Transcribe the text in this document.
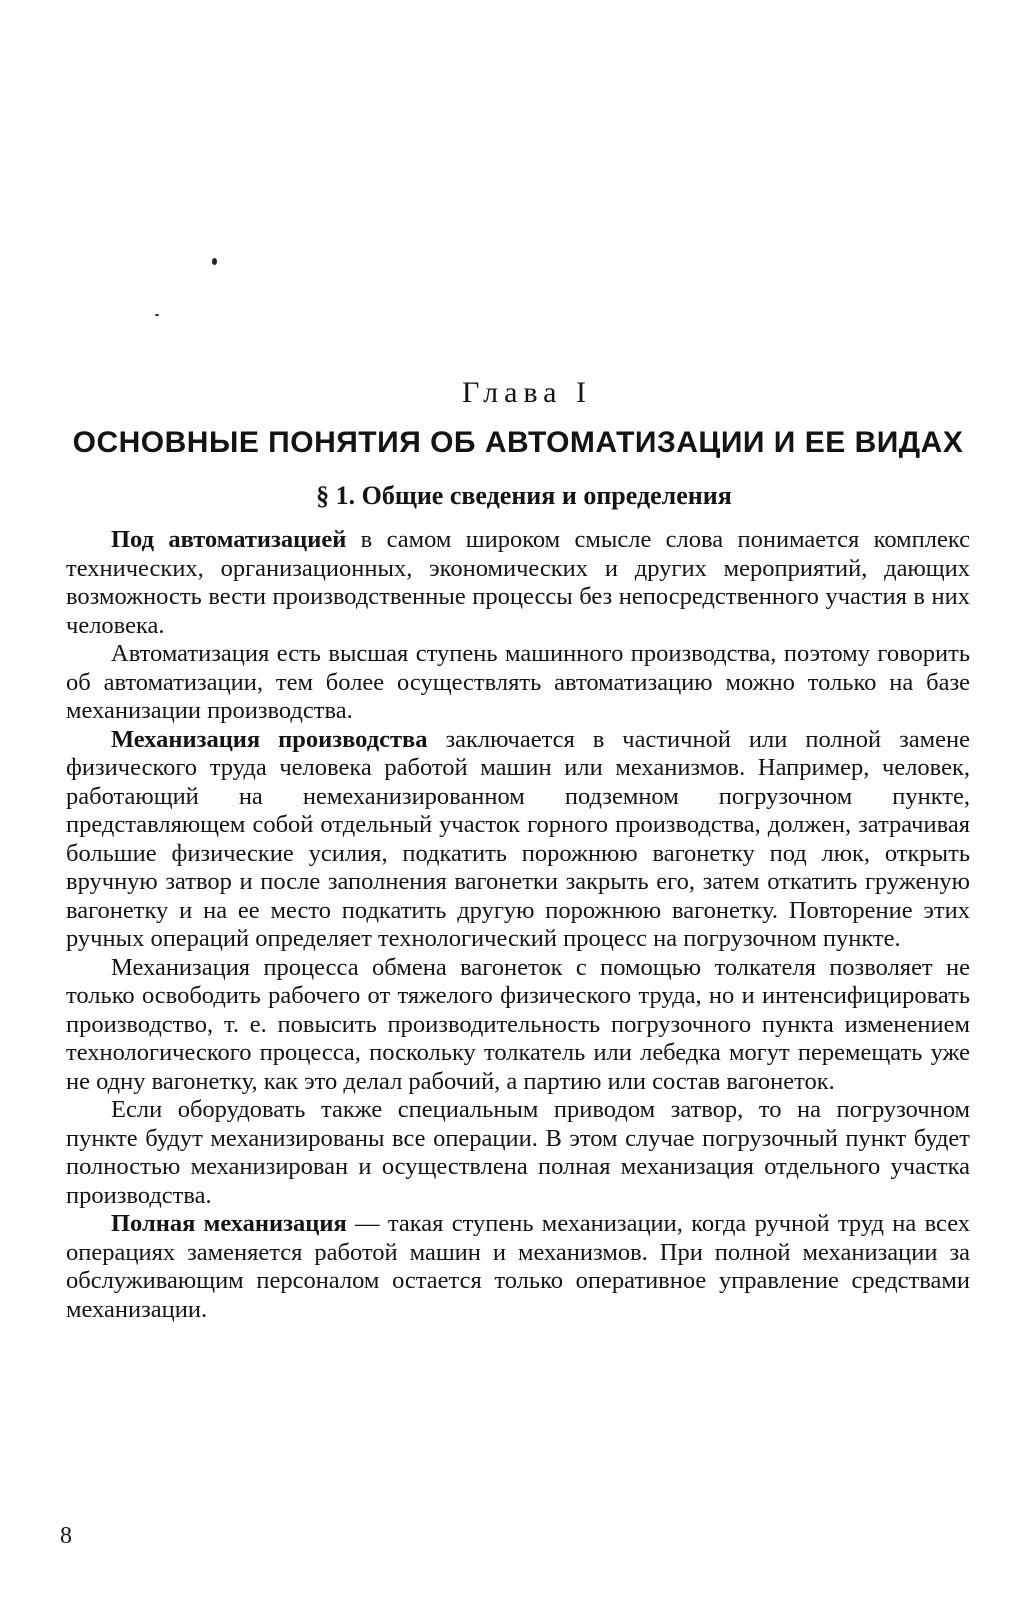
Глава I
ОСНОВНЫЕ ПОНЯТИЯ ОБ АВТОМАТИЗАЦИИ И ЕЕ ВИДАХ
§ 1. Общие сведения и определения

Под автоматизацией в самом широком смысле слова понимается комплекс технических, организационных, экономических и других мероприятий, дающих возможность вести производственные процессы без непосредственного участия в них человека.

Автоматизация есть высшая ступень машинного производства, поэтому говорить об автоматизации, тем более осуществлять автоматизацию можно только на базе механизации производства.

Механизация производства заключается в частичной или полной замене физического труда человека работой машин или механизмов. Например, человек, работающий на немеханизированном подземном погрузочном пункте, представляющем собой отдельный участок горного производства, должен, затрачивая большие физические усилия, подкатить порожнюю вагонетку под люк, открыть вручную затвор и после заполнения вагонетки закрыть его, затем откатить груженую вагонетку и на ее место подкатить другую порожнюю вагонетку. Повторение этих ручных операций определяет технологический процесс на погрузочном пункте.

Механизация процесса обмена вагонеток с помощью толкателя позволяет не только освободить рабочего от тяжелого физического труда, но и интенсифицировать производство, т. е. повысить производительность погрузочного пункта изменением технологического процесса, поскольку толкатель или лебедка могут перемещать уже не одну вагонетку, как это делал рабочий, а партию или состав вагонеток.

Если оборудовать также специальным приводом затвор, то на погрузочном пункте будут механизированы все операции. В этом случае погрузочный пункт будет полностью механизирован и осуществлена полная механизация отдельного участка производства.

Полная механизация — такая ступень механизации, когда ручной труд на всех операциях заменяется работой машин и механизмов. При полной механизации за обслуживающим персоналом остается только оперативное управление средствами механизации.

8
